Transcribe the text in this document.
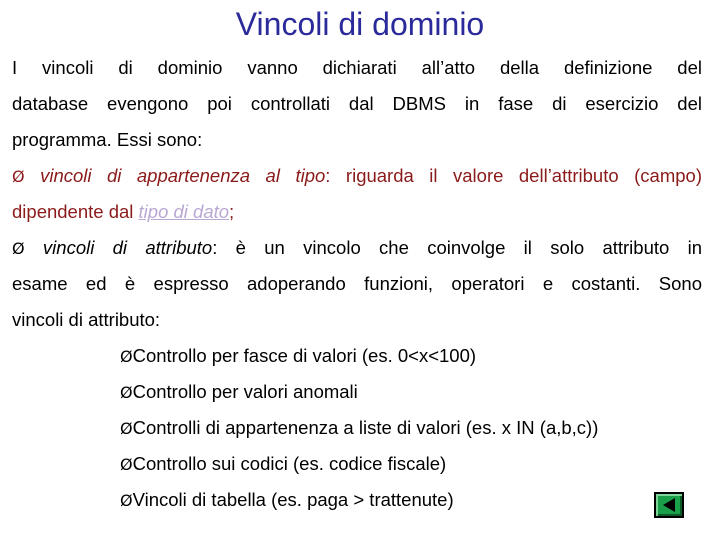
Vincoli di dominio
I vincoli di dominio vanno dichiarati all’atto della definizione del
database evengono poi controllati dal DBMS in fase di esercizio del
programma. Essi sono:
Ø vincoli di appartenenza al tipo: riguarda il valore dell’attributo (campo)
dipendente dal tipo di dato;
Ø vincoli di attributo: è un vincolo che coinvolge il solo attributo in
esame ed è espresso adoperando funzioni, operatori e costanti. Sono
vincoli di attributo:
ØControllo per fasce di valori (es. 0<x<100)
ØControllo per valori anomali
ØControlli di appartenenza a liste di valori (es. x IN (a,b,c))
ØControllo sui codici (es. codice fiscale)
ØVincoli di tabella (es. paga > trattenute)
